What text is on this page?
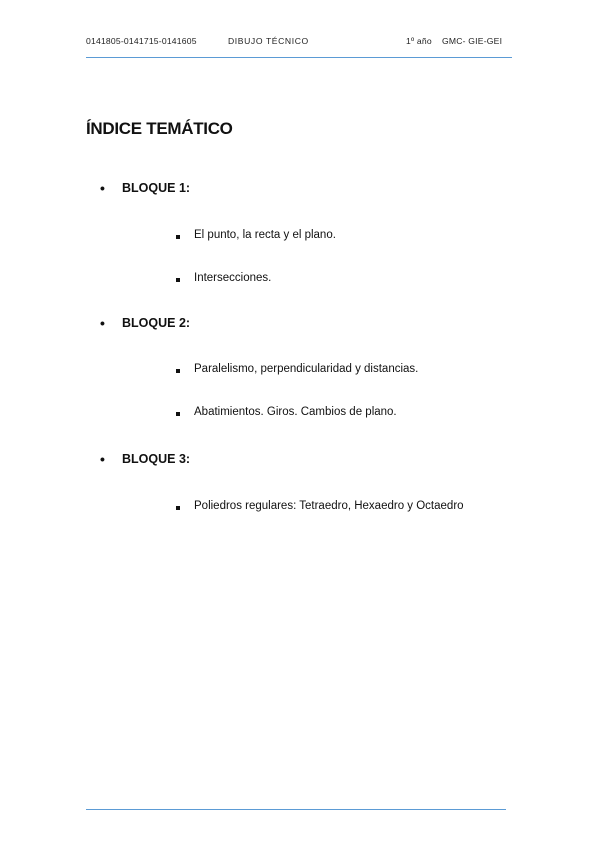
0141805-0141715-0141605	DIBUJO TÉCNICO	1º año GMC- GIE-GEI
ÍNDICE TEMÁTICO
• BLOQUE 1:
El punto, la recta y el plano.
Intersecciones.
• BLOQUE 2:
Paralelismo, perpendicularidad y distancias.
Abatimientos. Giros. Cambios de plano.
• BLOQUE 3:
Poliedros regulares: Tetraedro, Hexaedro y Octaedro
